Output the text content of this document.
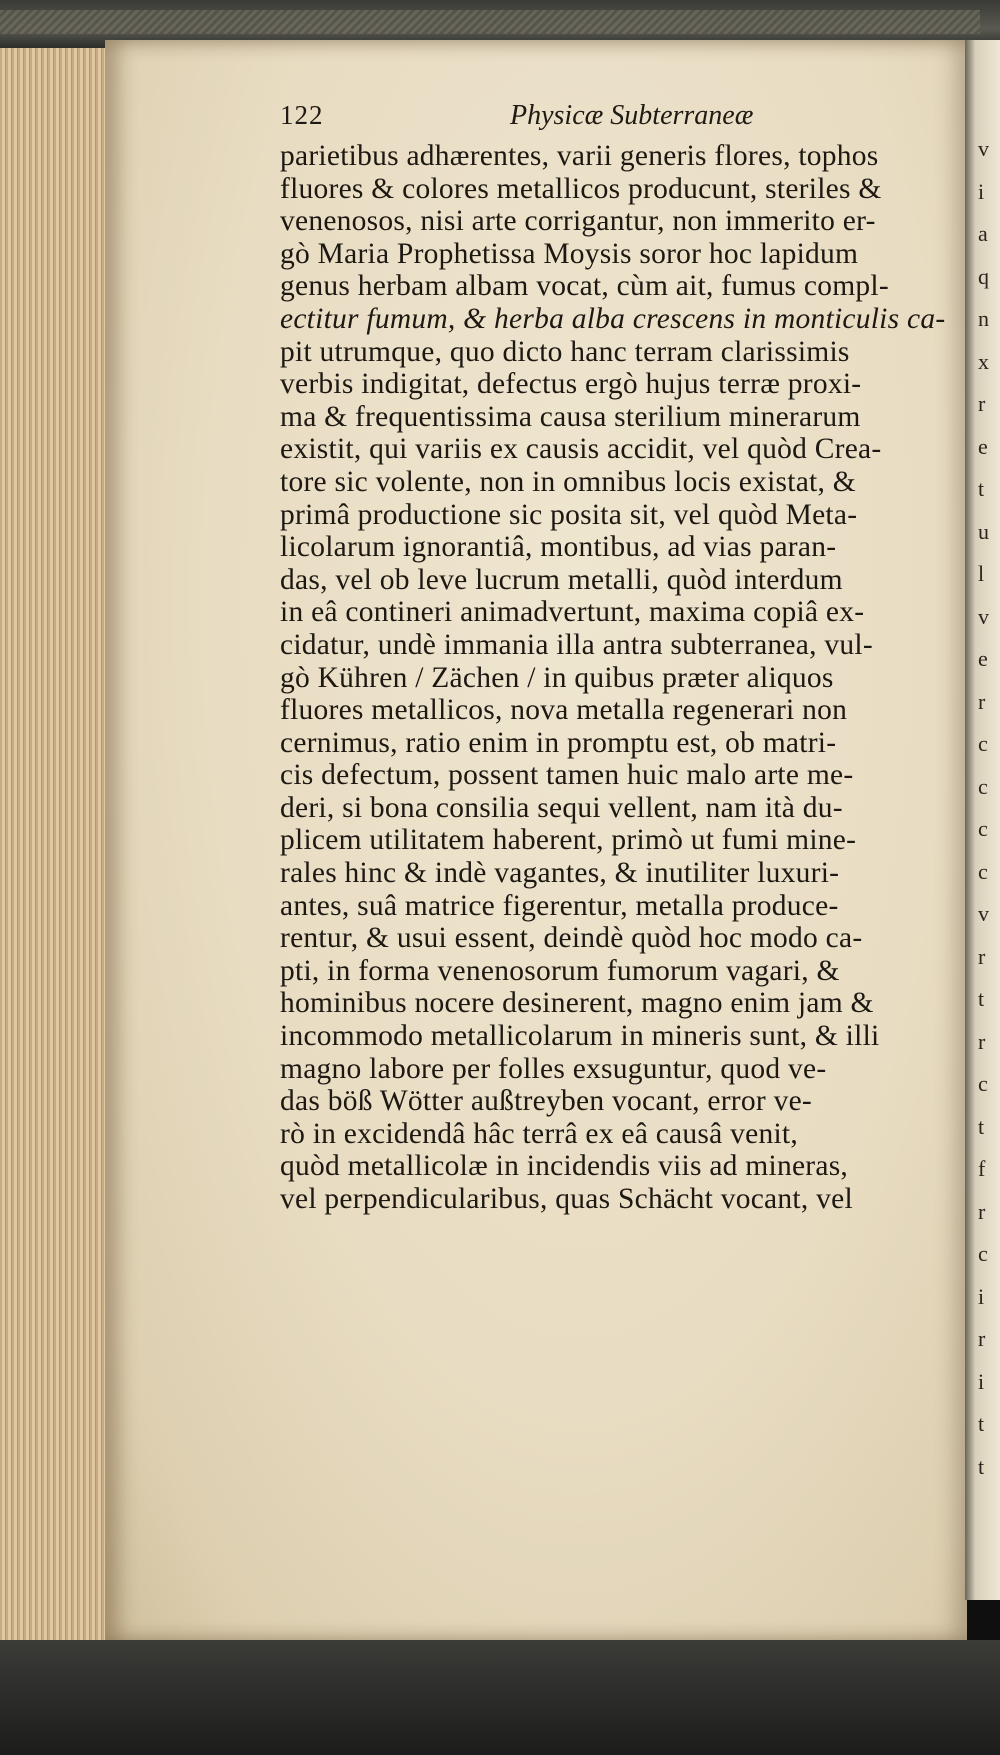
v
i
a
q
n
x
r
e
t
u
l
v
e
r
c
c
c
c
v
r
t
r
c
t
f
r
c
i
r
i
t
t
122	Physicæ Subterraneæ
parietibus adhærentes, varii generis flores, tophos
fluores & colores metallicos producunt, steriles &
venenosos, nisi arte corrigantur, non immerito er-
gò Maria Prophetissa Moysis soror hoc lapidum
genus herbam albam vocat, cùm ait, fumus compl-
ectitur fumum, & herba alba crescens in monticulis ca-
pit utrumque, quo dicto hanc terram clarissimis
verbis indigitat, defectus ergò hujus terræ proxi-
ma & frequentissima causa sterilium minerarum
existit, qui variis ex causis accidit, vel quòd Crea-
tore sic volente, non in omnibus locis existat, &
primâ productione sic posita sit, vel quòd Meta-
licolarum ignorantiâ, montibus, ad vias paran-
das, vel ob leve lucrum metalli, quòd interdum
in eâ contineri animadvertunt, maxima copiâ ex-
cidatur, undè immania illa antra subterranea, vul-
gò Kühren / Zächen / in quibus præter aliquos
fluores metallicos, nova metalla regenerari non
cernimus, ratio enim in promptu est, ob matri-
cis defectum, possent tamen huic malo arte me-
deri, si bona consilia sequi vellent, nam ità du-
plicem utilitatem haberent, primò ut fumi mine-
rales hinc & indè vagantes, & inutiliter luxuri-
antes, suâ matrice figerentur, metalla produce-
rentur, & usui essent, deindè quòd hoc modo ca-
pti, in forma venenosorum fumorum vagari, &
hominibus nocere desinerent, magno enim jam &
incommodo metallicolarum in mineris sunt, & illi
magno labore per folles exsuguntur, quod ve-
das böß Wötter außtreyben vocant, error ve-
rò in excidendâ hâc terrâ ex eâ causâ venit,
quòd metallicolæ in incidendis viis ad mineras,
vel perpendicularibus, quas Schächt vocant, vel
